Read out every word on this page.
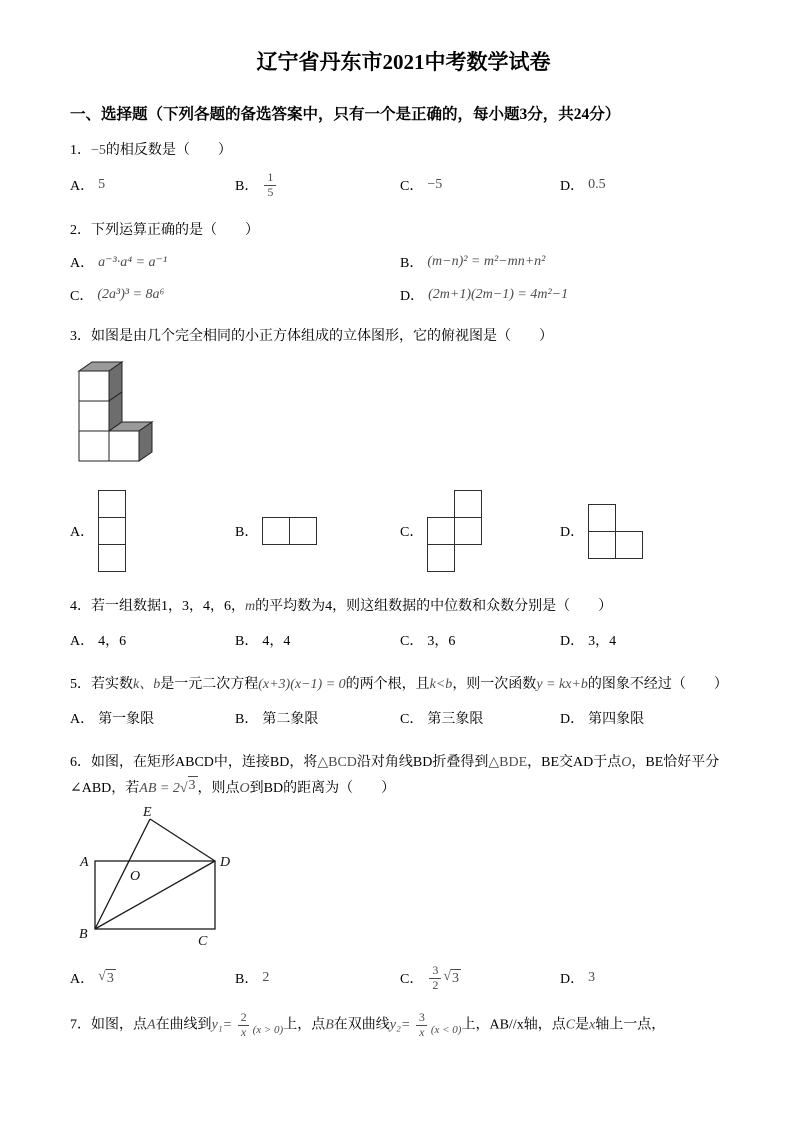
辽宁省丹东市2021中考数学试卷
一、选择题（下列各题的备选答案中，只有一个是正确的，每小题3分，共24分）

1．−5的相反数是（　　）

A． 5	B． $\frac{1}{5}$	C． −5	D． 0.5

2．下列运算正确的是（　　）

A． a⁻³·a⁴ = a⁻¹	B． (m−n)² = m²−mn+n²
C． (2a³)³ = 8a⁶	D． (2m+1)(2m−1) = 4m²−1

3．如图是由几个完全相同的小正方体组成的立体图形，它的俯视图是（　　）

A．	B．	C．	D．

4．若一组数据1，3，4，6，m的平均数为4，则这组数据的中位数和众数分别是（　　）

A． 4，6	B． 4，4	C． 3，6	D． 3，4

5．若实数k、b是一元二次方程(x+3)(x−1) = 0的两个根，且k<b，则一次函数y = kx+b的图象不经过（　　）

A． 第一象限	B． 第二象限	C． 第三象限	D． 第四象限

6．如图，在矩形ABCD中，连接BD，将△BCD沿对角线BD折叠得到△BDE，BE交AD于点O，BE恰好平分∠ABD，若AB = 2 √ 3 ，则点O到BD的距离为（　　）

E
A
O
D
B	C
A． √ 3	B． 2	C． $\frac{3}{2}$ √ 3	D． 3

7．如图，点A在曲线到$y_1= \frac{2}{x} _{(x > 0)}$上，点B在双曲线$y_2= \frac{3}{x} _{(x < 0)}$上，AB//x轴，点C是x轴上一点，
